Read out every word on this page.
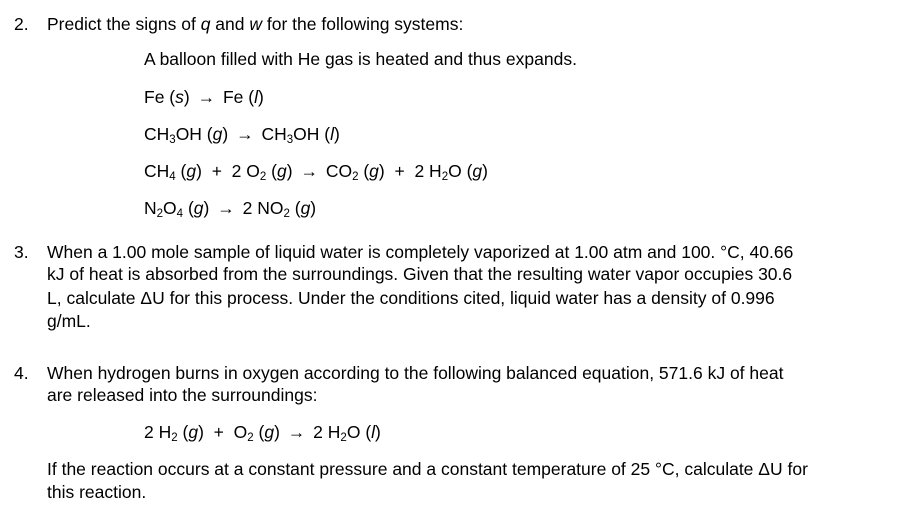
2. Predict the signs of q and w for the following systems:
A balloon filled with He gas is heated and thus expands.
Fe (s) → Fe (l)
$CH_3OH$ $(g) \to CH_3OH$ (l)
$CH_4$ (g)  + 2 $O_2$ $(g) \to CO_2$ (g)  + 2 $H_2O$ (g)
$N_2O_4$ (g) → 2 $NO_2$ (g)
3. When a 1.00 mole sample of liquid water is completely vaporized at 1.00 atm and 100. °C, 40.66
kJ of heat is absorbed from the surroundings. Given that the resulting water vapor occupies 30.6
L, calculate ΔU for this process. Under the conditions cited, liquid water has a density of 0.996
g/mL.
4. When hydrogen burns in oxygen according to the following balanced equation, 571.6 kJ of heat
are released into the surroundings:
2 $H_2$ $(g) + O_2$ (g) → 2 $H_2O$ (l)
If the reaction occurs at a constant pressure and a constant temperature of 25 °C, calculate ΔU for
this reaction.
